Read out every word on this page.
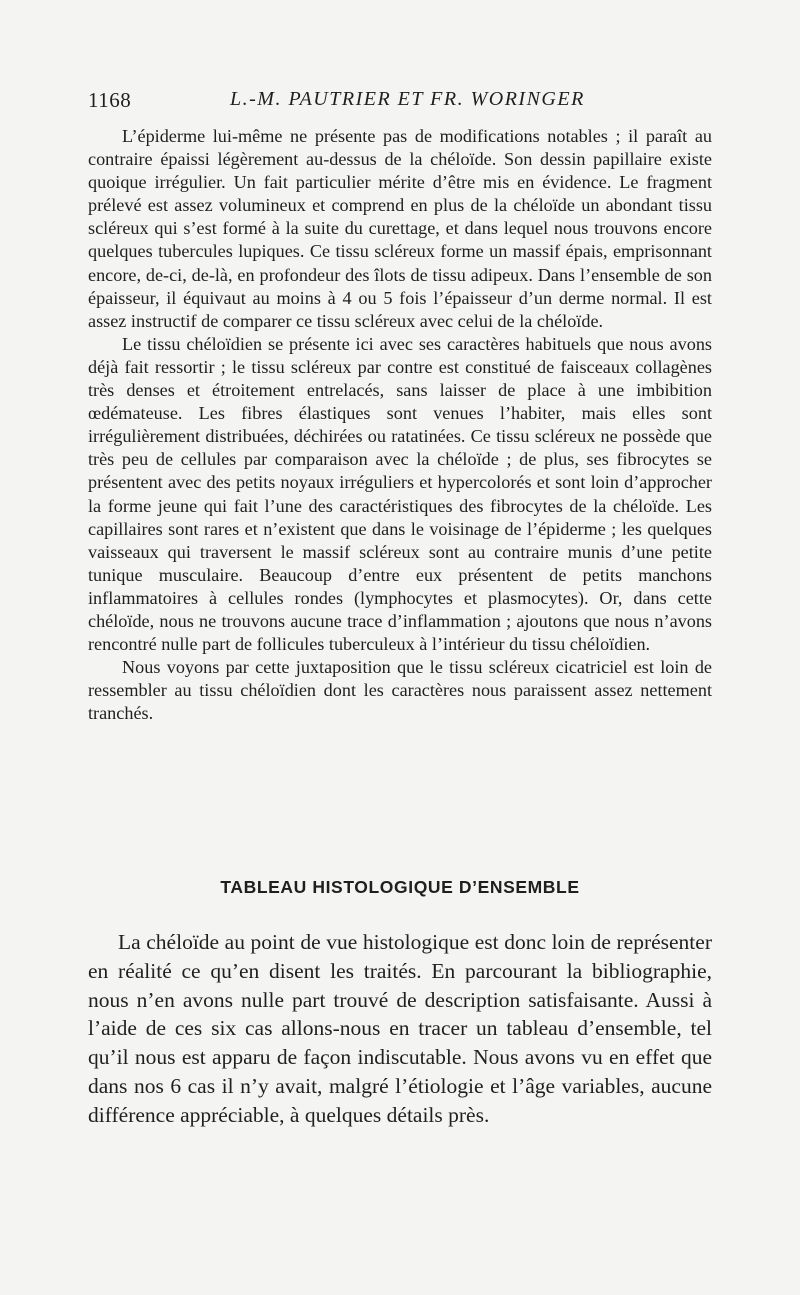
1168	L.-M. PAUTRIER ET FR. WORINGER

L’épiderme lui-même ne présente pas de modifications notables ; il paraît au contraire épaissi légèrement au-dessus de la chéloïde. Son dessin papillaire existe quoique irrégulier. Un fait particulier mérite d’être mis en évidence. Le fragment prélevé est assez volumineux et comprend en plus de la chéloïde un abondant tissu scléreux qui s’est formé à la suite du curettage, et dans lequel nous trouvons encore quelques tubercules lupiques. Ce tissu scléreux forme un massif épais, emprisonnant encore, de-ci, de-là, en profondeur des îlots de tissu adipeux. Dans l’ensemble de son épaisseur, il équivaut au moins à 4 ou 5 fois l’épaisseur d’un derme normal. Il est assez instructif de comparer ce tissu scléreux avec celui de la chéloïde.

Le tissu chéloïdien se présente ici avec ses caractères habituels que nous avons déjà fait ressortir ; le tissu scléreux par contre est constitué de faisceaux collagènes très denses et étroitement entrelacés, sans laisser de place à une imbibition œdémateuse. Les fibres élastiques sont venues l’habiter, mais elles sont irrégulièrement distribuées, déchirées ou ratatinées. Ce tissu scléreux ne possède que très peu de cellules par comparaison avec la chéloïde ; de plus, ses fibrocytes se présentent avec des petits noyaux irréguliers et hypercolorés et sont loin d’approcher la forme jeune qui fait l’une des caractéristiques des fibrocytes de la chéloïde. Les capillaires sont rares et n’existent que dans le voisinage de l’épiderme ; les quelques vaisseaux qui traversent le massif scléreux sont au contraire munis d’une petite tunique musculaire. Beaucoup d’entre eux présentent de petits manchons inflammatoires à cellules rondes (lymphocytes et plasmocytes). Or, dans cette chéloïde, nous ne trouvons aucune trace d’inflammation ; ajoutons que nous n’avons rencontré nulle part de follicules tuberculeux à l’intérieur du tissu chéloïdien.

Nous voyons par cette juxtaposition que le tissu scléreux cicatriciel est loin de ressembler au tissu chéloïdien dont les caractères nous paraissent assez nettement tranchés.

TABLEAU HISTOLOGIQUE D’ENSEMBLE

La chéloïde au point de vue histologique est donc loin de représenter en réalité ce qu’en disent les traités. En parcourant la bibliographie, nous n’en avons nulle part trouvé de description satisfaisante. Aussi à l’aide de ces six cas allons-nous en tracer un tableau d’ensemble, tel qu’il nous est apparu de façon indiscutable. Nous avons vu en effet que dans nos 6 cas il n’y avait, malgré l’étiologie et l’âge variables, aucune différence appréciable, à quelques détails près.
